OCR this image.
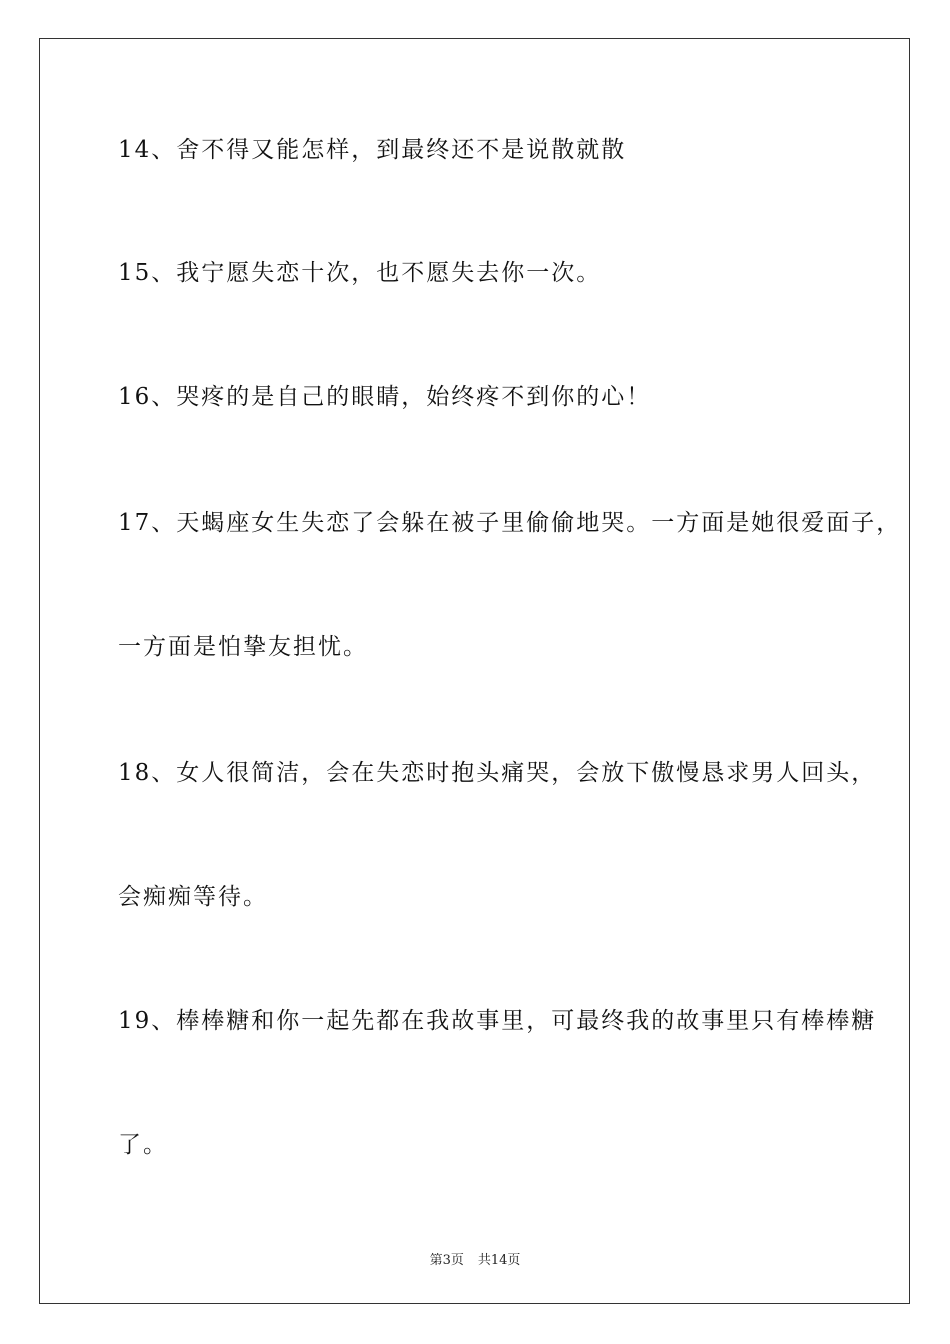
14、舍不得又能怎样，到最终还不是说散就散
15、我宁愿失恋十次，也不愿失去你一次。
16、哭疼的是自己的眼睛，始终疼不到你的心！
17、天蝎座女生失恋了会躲在被子里偷偷地哭。一方面是她很爱面子，
一方面是怕挚友担忧。
18、女人很简洁，会在失恋时抱头痛哭，会放下傲慢恳求男人回头，
会痴痴等待。
19、棒棒糖和你一起先都在我故事里，可最终我的故事里只有棒棒糖
了。
第3页 共14页
